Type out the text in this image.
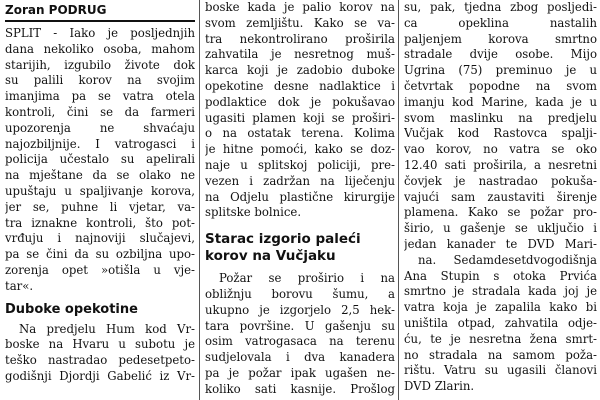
Zoran PODRUG
SPLIT - Iako je posljednjih
dana nekoliko osoba, mahom
starijih, izgubilo živote dok
su palili korov na svojim
imanjima pa se vatra otela
kontroli, čini se da farmeri
upozorenja ne shvaćaju
najozbiljnije. I vatrogasci i
policija učestalo su apelirali
na mještane da se olako ne
upuštaju u spaljivanje korova,
jer se, puhne li vjetar, va-
tra iznakne kontroli, što pot-
vrđuju i najnoviji slučajevi,
pa se čini da su ozbiljna upo-
zorenja opet »otišla u vje-
tar«.
Duboke opekotine
Na predjelu Hum kod Vr-
boske na Hvaru u subotu je
teško nastradao pedesetpeto-
godišnji Djordji Gabelić iz Vr-
boske kada je palio korov na
svom zemljištu. Kako se va-
tra nekontrolirano proširila
zahvatila je nesretnog muš-
karca koji je zadobio duboke
opekotine desne nadlaktice i
podlaktice dok je pokušavao
ugasiti plamen koji se proširi-
o na ostatak terena. Kolima
je hitne pomoći, kako se doz-
naje u splitskoj policiji, pre-
vezen i zadržan na liječenju
na Odjelu plastične kirurgije
splitske bolnice.
Starac izgorio paleći
korov na Vučjaku
Požar se proširio i na
obližnju borovu šumu, a
ukupno je izgorjelo 2,5 hek-
tara površine. U gašenju su
osim vatrogasaca na terenu
sudjelovala i dva kanadera
pa je požar ipak ugašen ne-
koliko sati kasnije. Prošlog
su, pak, tjedna zbog posljedi-
ca opeklina nastalih
paljenjem korova smrtno
stradale dvije osobe. Mijo
Ugrina (75) preminuo je u
četvrtak popodne na svom
imanju kod Marine, kada je u
svom maslinku na predjelu
Vučjak kod Rastovca spalji-
vao korov, no vatra se oko
12.40 sati proširila, a nesretni
čovjek je nastradao pokuša-
vajući sam zaustaviti širenje
plamena. Kako se požar pro-
širio, u gašenje se uključio i
jedan kanader te DVD Mari-
na. Sedamdesetdvogodišnja
Ana Stupin s otoka Prvića
smrtno je stradala kada joj je
vatra koja je zapalila kako bi
uništila otpad, zahvatila odje-
ću, te je nesretna žena smrt-
no stradala na samom poža-
rištu. Vatru su ugasili članovi
DVD Zlarin.
